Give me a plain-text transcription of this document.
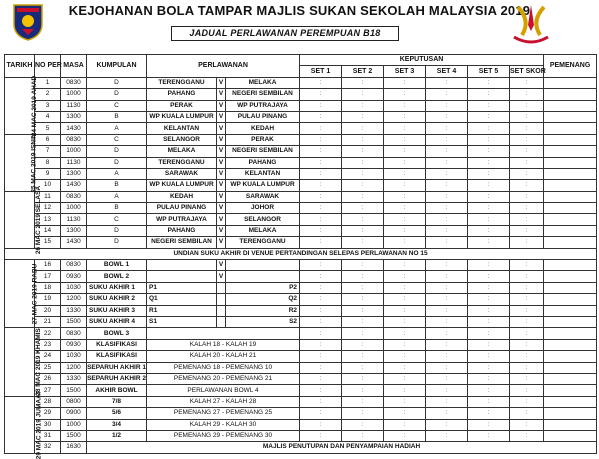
KEJOHANAN BOLA TAMPAR MAJLIS SUKAN SEKOLAH MALAYSIA 2019
JADUAL PERLAWANAN PEREMPUAN B18
TARIKH	NO PER	MASA	KUMPULAN	PERLAWANAN			KEPUTUSAN						PEMENANG
							SET 1	SET 2	SET 3	SET 4	SET 5	SET SKOR	
24 MAC 2019 AHAD	1	0830	D	TERENGGANU	V	MELAKA	:	:	:	:	:	:	
	2	1000	D	PAHANG	V	NEGERI SEMBILAN	:	:	:	:	:	:	
	3	1130	C	PERAK	V	WP PUTRAJAYA	:	:	:	:	:	:	
	4	1300	B	WP KUALA LUMPUR	V	PULAU PINANG	:	:	:	:	:	:	
	5	1430	A	KELANTAN	V	KEDAH	:	:	:	:	:	:	
25 MAC 2019 ISNIN	6	0830	C	SELANGOR	V	PERAK	:	:	:	:	:	:	
	7	1000	D	MELAKA	V	NEGERI SEMBILAN	:	:	:	:	:	:	
	8	1130	D	TERENGGANU	V	PAHANG	:	:	:	:	:	:	
	9	1300	A	SARAWAK	V	KELANTAN	:	:	:	:	:	:	
	10	1430	B	WP KUALA LUMPUR	V	WP KUALA LUMPUR	:	:	:	:	:	:	
26 MAC 2019 SELASA	11	0830	A	KEDAH	V	SARAWAK	:	:	:	:	:	:	
	12	1000	B	PULAU PINANG	V	JOHOR	:	:	:	:	:	:	
	13	1130	C	WP PUTRAJAYA	V	SELANGOR	:	:	:	:	:	:	
	14	1300	D	PAHANG	V	MELAKA	:	:	:	:	:	:	
	15	1430	D	NEGERI SEMBILAN	V	TERENGGANU	:	:	:	:	:	:	
UNDIAN SUKU AKHIR DI VENUE PERTANDINGAN SELEPAS PERLAWANAN NO 15													
27 MAC 2019 RABU	16	0830	BOWL 1		V		:	:	:	:	:	:	
	17	0930	BOWL 2		V		:	:	:	:	:	:	
	18	1030	SUKU AKHIR 1	P1		P2	:	:	:	:	:	:	
	19	1200	SUKU AKHIR 2	Q1		Q2	:	:	:	:	:	:	
	20	1330	SUKU AKHIR 3	R1		R2	:	:	:	:	:	:	
	21	1500	SUKU AKHIR 4	S1		S2	:	:	:	:	:	:	
28 MAC 2019 KHAMIS	22	0830	BOWL 3				:	:	:	:	:	:	
	23	0930	KLASIFIKASI	KALAH 18 - KALAH 19			:	:	:	:	:	:	
	24	1030	KLASIFIKASI	KALAH 20 - KALAH 21			:	:	:	:	:	:	
	25	1200	SEPARUH AKHIR 1	PEMENANG 18 - PEMENANG 10			:	:	:	:	:	:	
	26	1330	SEPARUH AKHIR 2	PEMENANG 20 - PEMENANG 21			:	:	:	:	:	:	
	27	1500	AKHIR BOWL	PERLAWANAN BOWL 4			:	:	:	:	:	:	
29 MAC 2019 JUMAAT	28	0800	7/8	KALAH 27 - KALAH 28			:	:	:	:	:	:	
	29	0900	5/6	PEMENANG 27 - PEMENANG 25			:	:	:	:	:	:	
	30	1000	3/4	KALAH 29 - KALAH 30			:	:	:	:	:	:	
	31	1500	1/2	PEMENANG 29 - PEMENANG 30			:	:	:	:	:	:	
	32	1630	MAJLIS PENUTUPAN DAN PENYAMPAIAN HADIAH										
